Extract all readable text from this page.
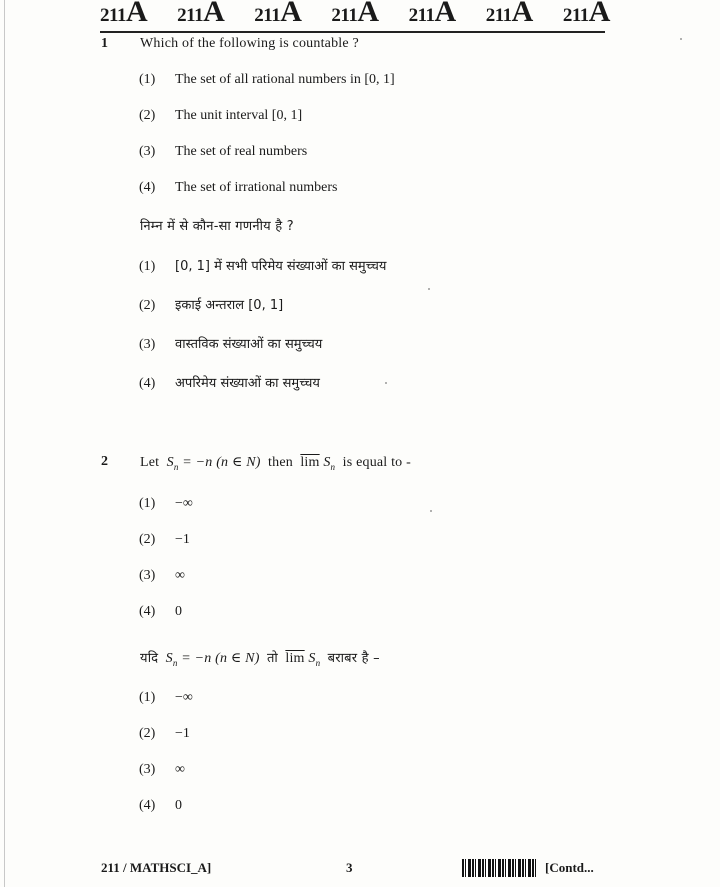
211A 211A 211A 211A 211A 211A 211A
1 Which of the following is countable ?
(1) The set of all rational numbers in [0, 1]
(2) The unit interval [0, 1]
(3) The set of real numbers
(4) The set of irrational numbers
निम्न में से कौन-सा गणनीय है ?
(1) [0, 1] में सभी परिमेय संख्याओं का समुच्चय
(2) इकाई अन्तराल [0, 1]
(3) वास्तविक संख्याओं का समुच्चय
(4) अपरिमेय संख्याओं का समुच्चय
2 Let $S_n = -n$ (n ∈ N) then $\overline{lim}$ $S_n$ is equal to -
(1) −∞
(2) −1
(3) ∞
(4) 0
यदि $S_n = -n$ (n ∈ N) तो $\overline{lim}$ $S_n$ बराबर है –
(1) −∞
(2) −1
(3) ∞
(4) 0
211 / MATHSCI_A]	3	[Contd...
